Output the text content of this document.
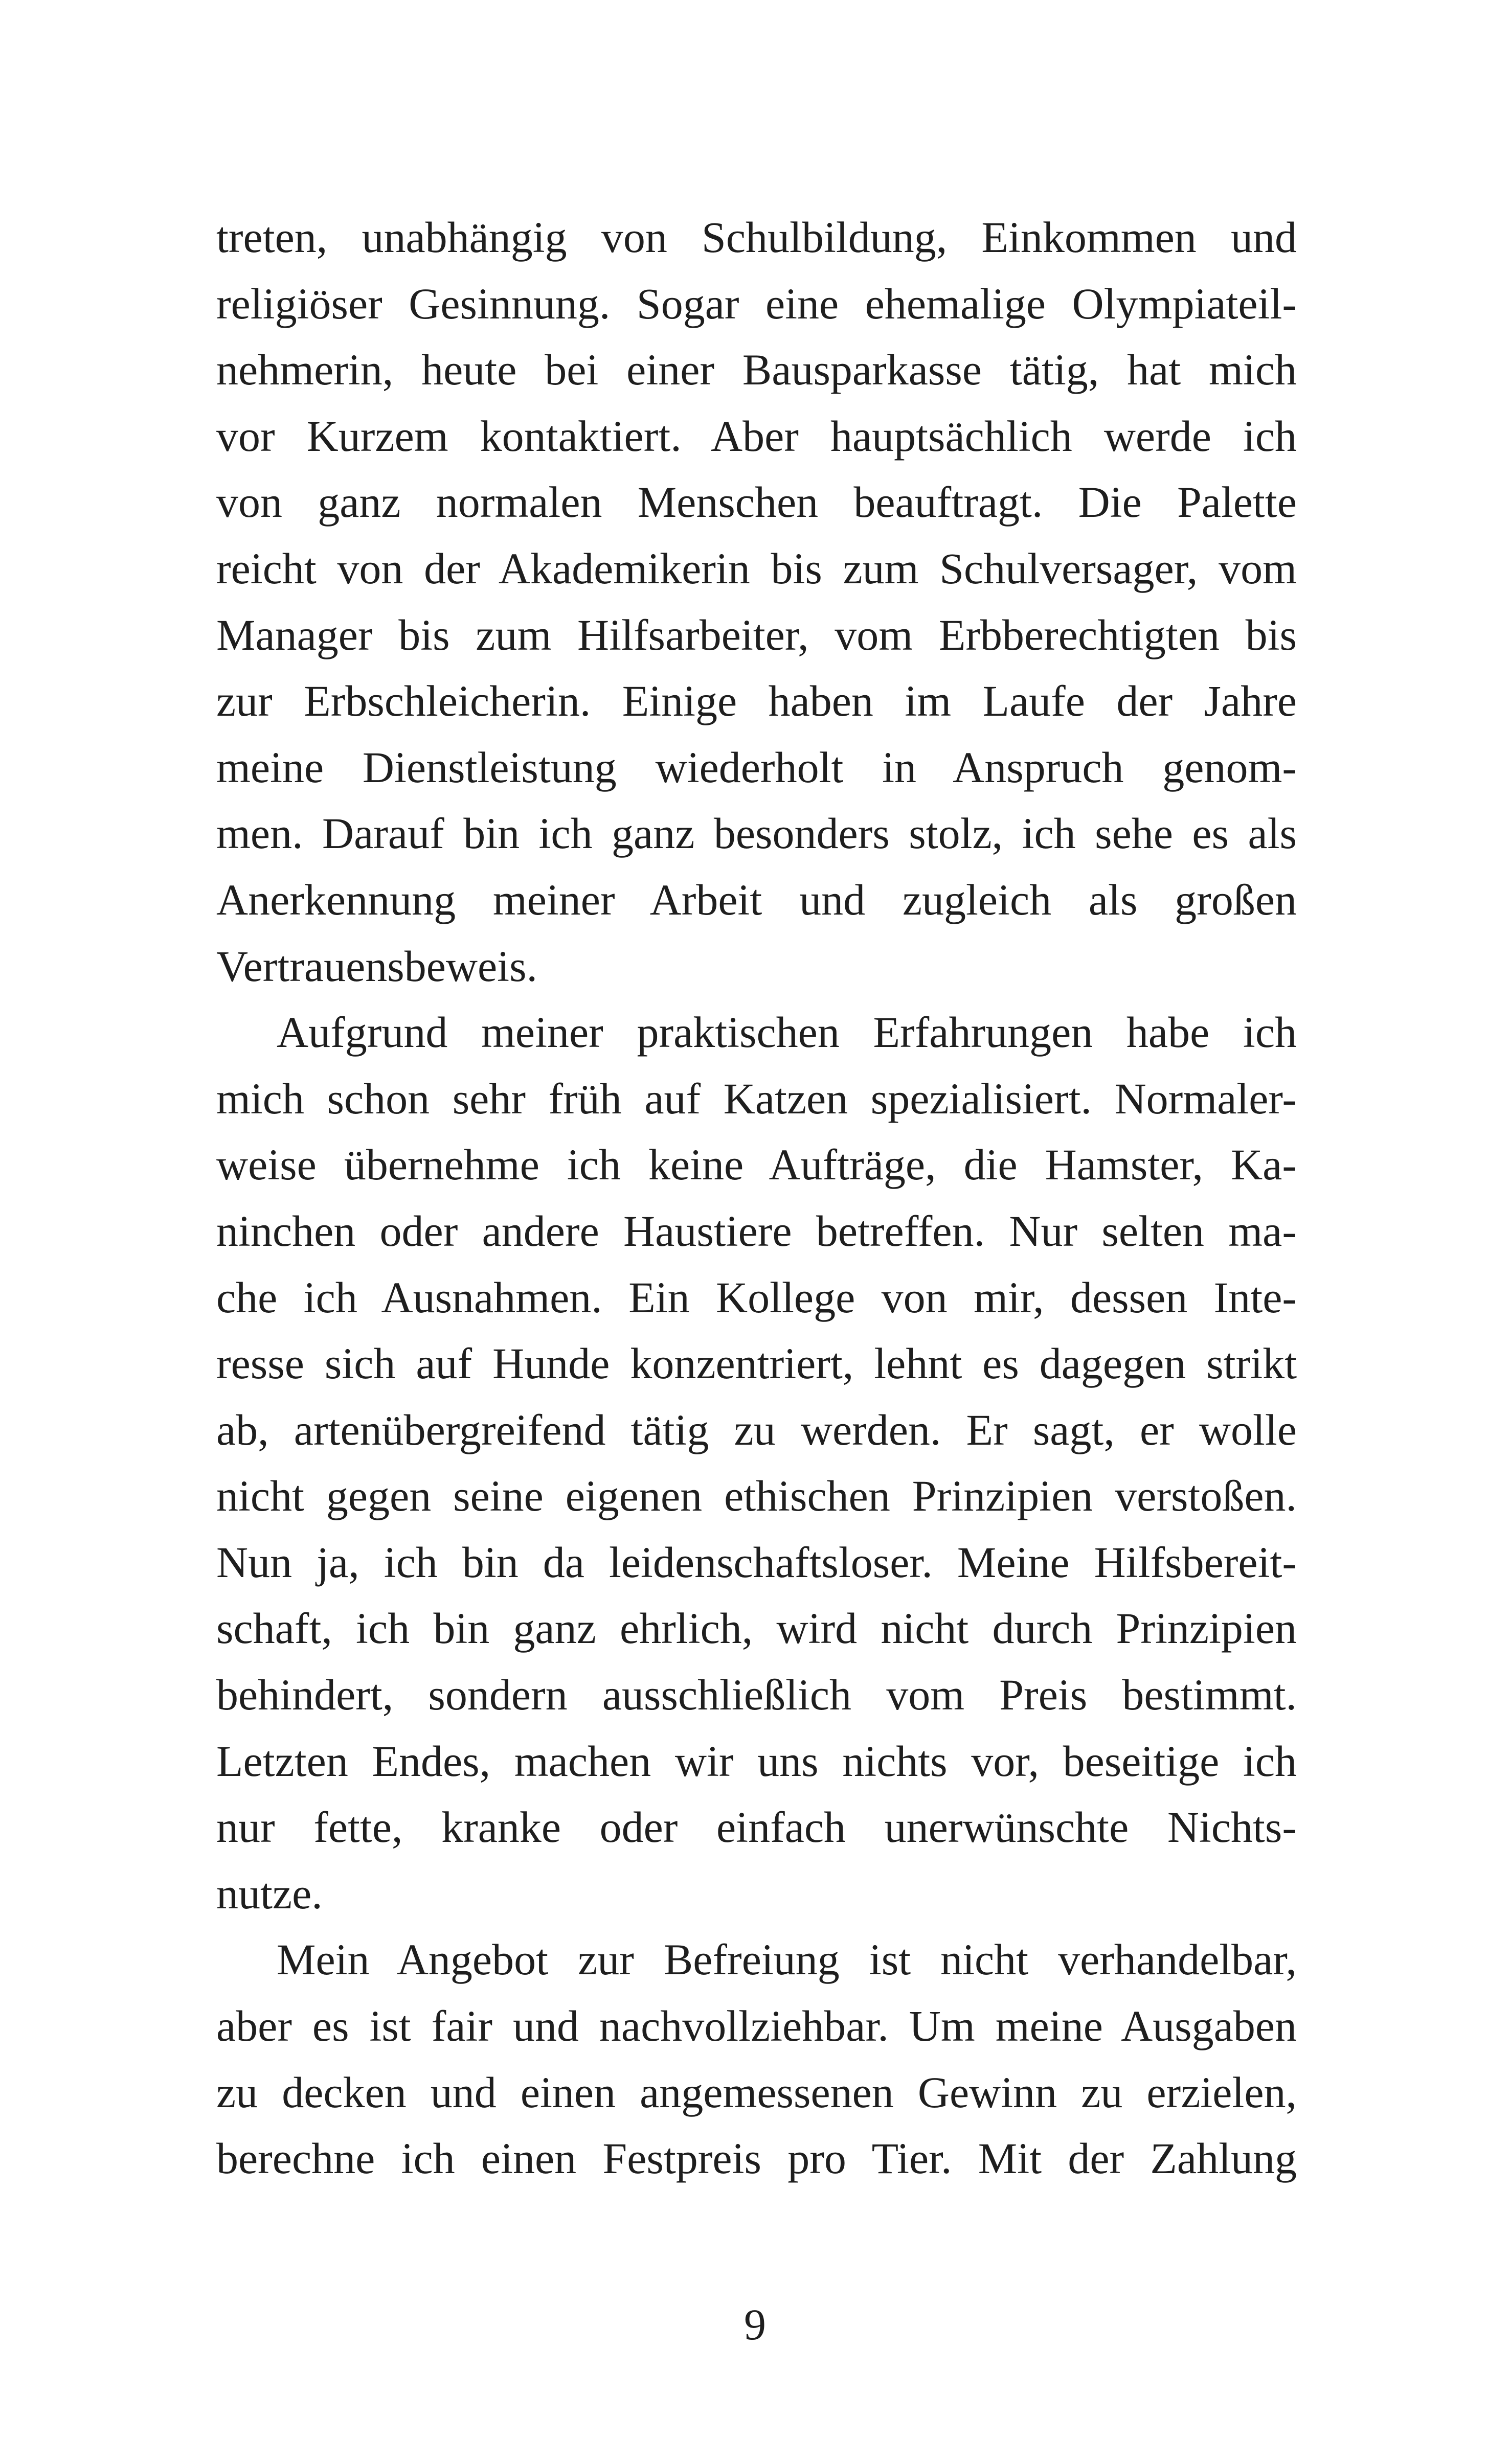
treten, unabhängig von Schulbildung, Einkommen und
religiöser Gesinnung. Sogar eine ehemalige Olympiateil-
nehmerin, heute bei einer Bausparkasse tätig, hat mich
vor Kurzem kontaktiert. Aber hauptsächlich werde ich
von ganz normalen Menschen beauftragt. Die Palette
reicht von der Akademikerin bis zum Schulversager, vom
Manager bis zum Hilfsarbeiter, vom Erbberechtigten bis
zur Erbschleicherin. Einige haben im Laufe der Jahre
meine Dienstleistung wiederholt in Anspruch genom-
men. Darauf bin ich ganz besonders stolz, ich sehe es als
Anerkennung meiner Arbeit und zugleich als großen
Vertrauensbeweis.
Aufgrund meiner praktischen Erfahrungen habe ich
mich schon sehr früh auf Katzen spezialisiert. Normaler-
weise übernehme ich keine Aufträge, die Hamster, Ka-
ninchen oder andere Haustiere betreffen. Nur selten ma-
che ich Ausnahmen. Ein Kollege von mir, dessen Inte-
resse sich auf Hunde konzentriert, lehnt es dagegen strikt
ab, artenübergreifend tätig zu werden. Er sagt, er wolle
nicht gegen seine eigenen ethischen Prinzipien verstoßen.
Nun ja, ich bin da leidenschaftsloser. Meine Hilfsbereit-
schaft, ich bin ganz ehrlich, wird nicht durch Prinzipien
behindert, sondern ausschließlich vom Preis bestimmt.
Letzten Endes, machen wir uns nichts vor, beseitige ich
nur fette, kranke oder einfach unerwünschte Nichts-
nutze.
Mein Angebot zur Befreiung ist nicht verhandelbar,
aber es ist fair und nachvollziehbar. Um meine Ausgaben
zu decken und einen angemessenen Gewinn zu erzielen,
berechne ich einen Festpreis pro Tier. Mit der Zahlung
9
